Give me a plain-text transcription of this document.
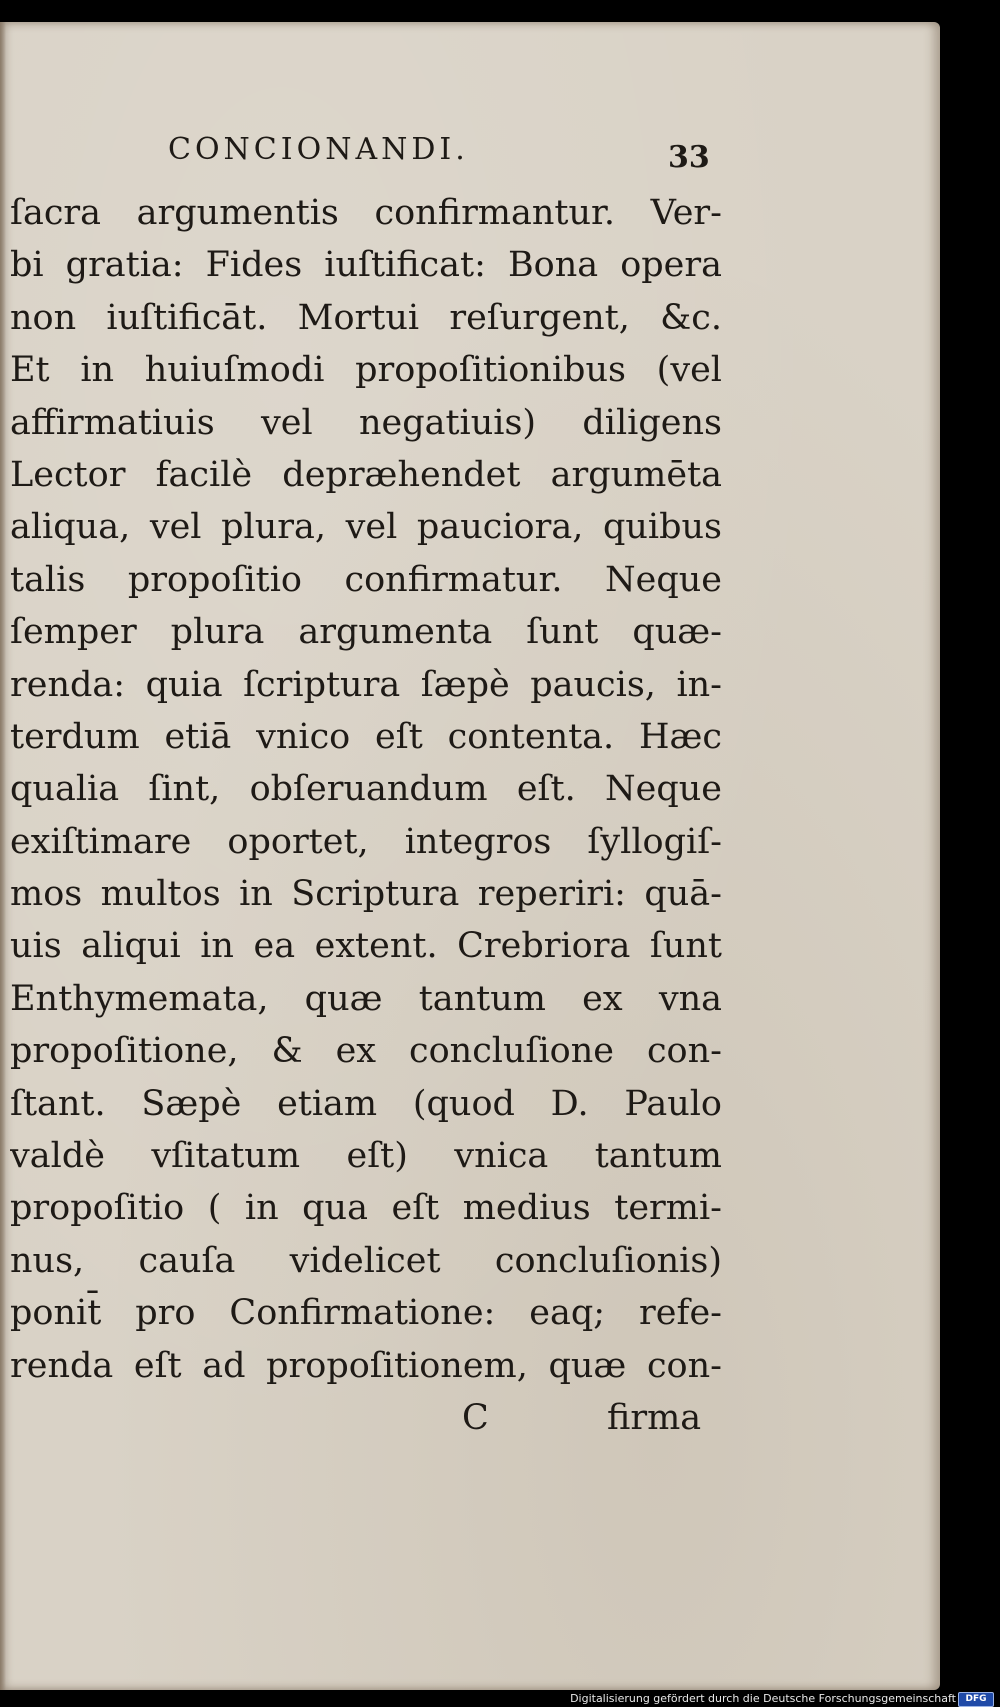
CONCIONANDI.	33
ſacra argumentis confirmantur. Ver-
bi gratia: Fides iuſtificat: Bona opera
non iuſtificāt. Mortui reſurgent, &c.
Et in huiuſmodi propoſitionibus (vel
affirmatiuis vel negatiuis) diligens
Lector facilè depræhendet argumēta
aliqua, vel plura, vel pauciora, quibus
talis propoſitio confirmatur. Neque
ſemper plura argumenta ſunt quæ-
renda: quia ſcriptura ſæpè paucis, in-
terdum etiā vnico eſt contenta. Hæc
qualia ſint, obſeruandum eſt. Neque
exiſtimare oportet, integros ſyllogiſ-
mos multos in Scriptura reperiri: quā-
uis aliqui in ea extent. Crebriora ſunt
Enthymemata, quæ tantum ex vna
propoſitione, & ex concluſione con-
ſtant. Sæpè etiam (quod D. Paulo
valdè vſitatum eſt) vnica tantum
propoſitio ( in qua eſt medius termi-
nus, cauſa videlicet concluſionis)
ponit̄ pro Confirmatione: eaq; refe-
renda eſt ad propoſitionem, quæ con-
C	firma
Digitalisierung gefördert durch die Deutsche Forschungsgemeinschaft	DFG
